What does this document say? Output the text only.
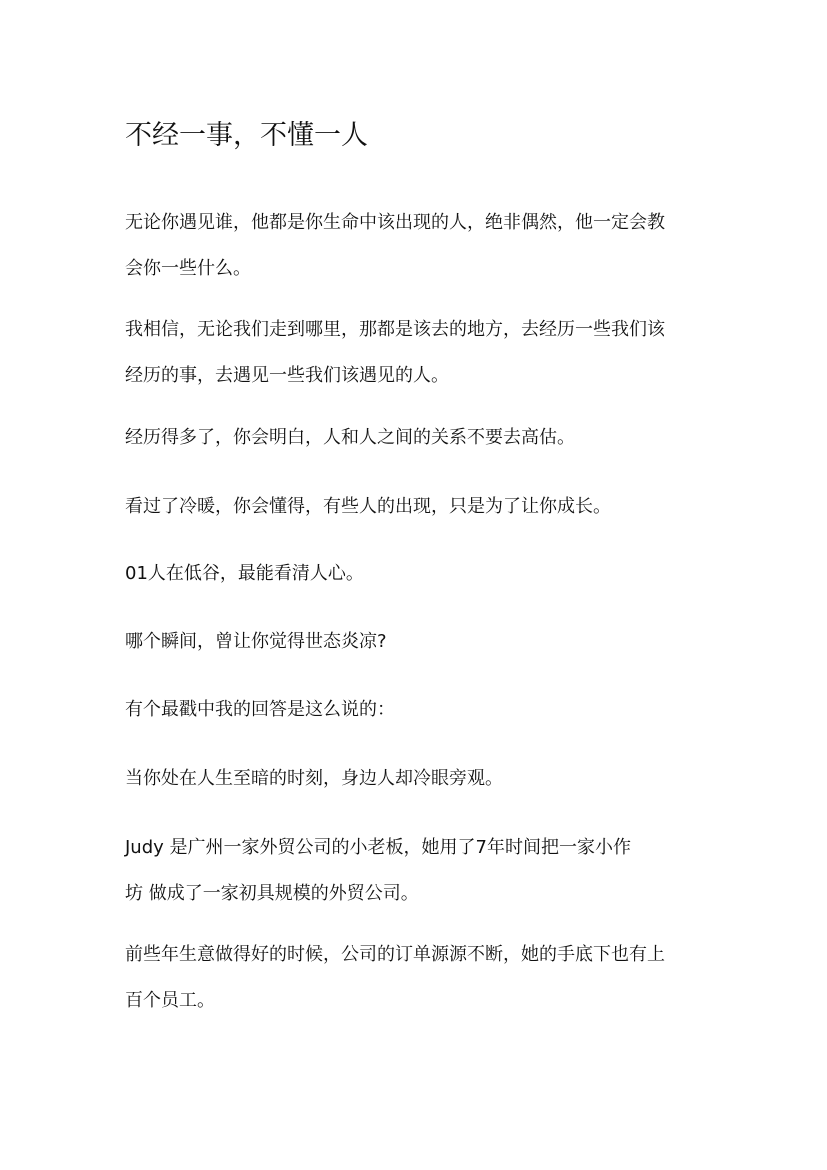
不经一事，不懂一人

无论你遇见谁，他都是你生命中该出现的人，绝非偶然，他一定会教
会你一些什么。

我相信，无论我们走到哪里，那都是该去的地方，去经历一些我们该
经历的事，去遇见一些我们该遇见的人。

经历得多了，你会明白，人和人之间的关系不要去高估。

看过了冷暖，你会懂得，有些人的出现，只是为了让你成长。

01人在低谷，最能看清人心。

哪个瞬间，曾让你觉得世态炎凉?

有个最戳中我的回答是这么说的：

当你处在人生至暗的时刻，身边人却冷眼旁观。

Judy 是广州一家外贸公司的小老板，她用了7年时间把一家小作
坊 做成了一家初具规模的外贸公司。

前些年生意做得好的时候，公司的订单源源不断，她的手底下也有上
百个员工。
